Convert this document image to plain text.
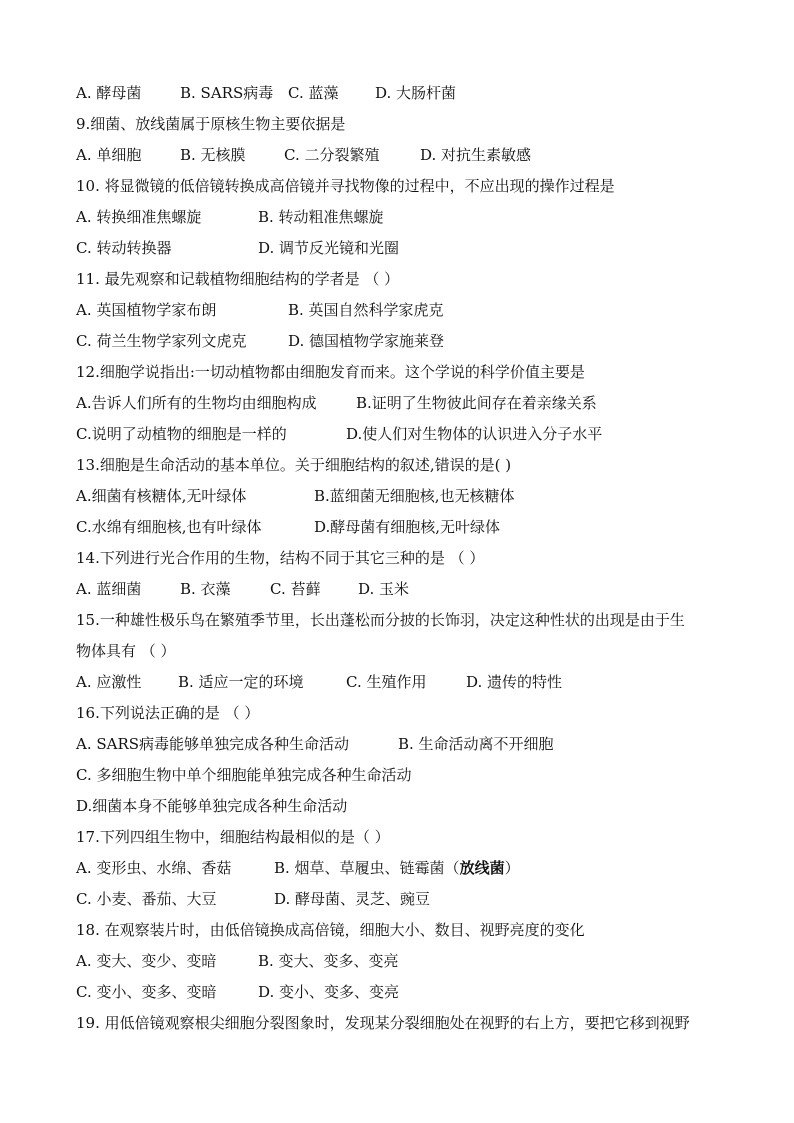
A. 酵母菌	B. SARS病毒 C. 蓝藻 D. 大肠杆菌
9.细菌、放线菌属于原核生物主要依据是
A. 单细胞	B. 无核膜	C. 二分裂繁殖	D. 对抗生素敏感
10. 将显微镜的低倍镜转换成高倍镜并寻找物像的过程中，不应出现的操作过程是
A. 转换细准焦螺旋	B. 转动粗准焦螺旋
C. 转动转换器	D. 调节反光镜和光圈
11. 最先观察和记载植物细胞结构的学者是 （ ）
A. 英国植物学家布朗	B. 英国自然科学家虎克
C. 荷兰生物学家列文虎克	D. 德国植物学家施莱登
12.细胞学说指出:一切动植物都由细胞发育而来。这个学说的科学价值主要是
A.告诉人们所有的生物均由细胞构成	B.证明了生物彼此间存在着亲缘关系
C.说明了动植物的细胞是一样的	D.使人们对生物体的认识进入分子水平
13.细胞是生命活动的基本单位。关于细胞结构的叙述,错误的是( )
A.细菌有核糖体,无叶绿体	B.蓝细菌无细胞核,也无核糖体
C.水绵有细胞核,也有叶绿体	D.酵母菌有细胞核,无叶绿体
14.下列进行光合作用的生物，结构不同于其它三种的是 （ ）
A. 蓝细菌	B. 衣藻	C. 苔藓	D. 玉米
15.一种雄性极乐鸟在繁殖季节里，长出蓬松而分披的长饰羽，决定这种性状的出现是由于生
物体具有 （ ）
A. 应激性 B. 适应一定的环境	C. 生殖作用	D. 遗传的特性
16.下列说法正确的是 （ ）
A. SARS病毒能够单独完成各种生命活动	B. 生命活动离不开细胞
C. 多细胞生物中单个细胞能单独完成各种生命活动
D.细菌本身不能够单独完成各种生命活动
17.下列四组生物中，细胞结构最相似的是（ ）
A. 变形虫、水绵、香菇	B. 烟草、草履虫、链霉菌（放线菌）
C. 小麦、番茄、大豆	D. 酵母菌、灵芝、豌豆
18. 在观察装片时，由低倍镜换成高倍镜，细胞大小、数目、视野亮度的变化
A. 变大、变少、变暗	B. 变大、变多、变亮
C. 变小、变多、变暗	D. 变小、变多、变亮
19. 用低倍镜观察根尖细胞分裂图象时，发现某分裂细胞处在视野的右上方，要把它移到视野
